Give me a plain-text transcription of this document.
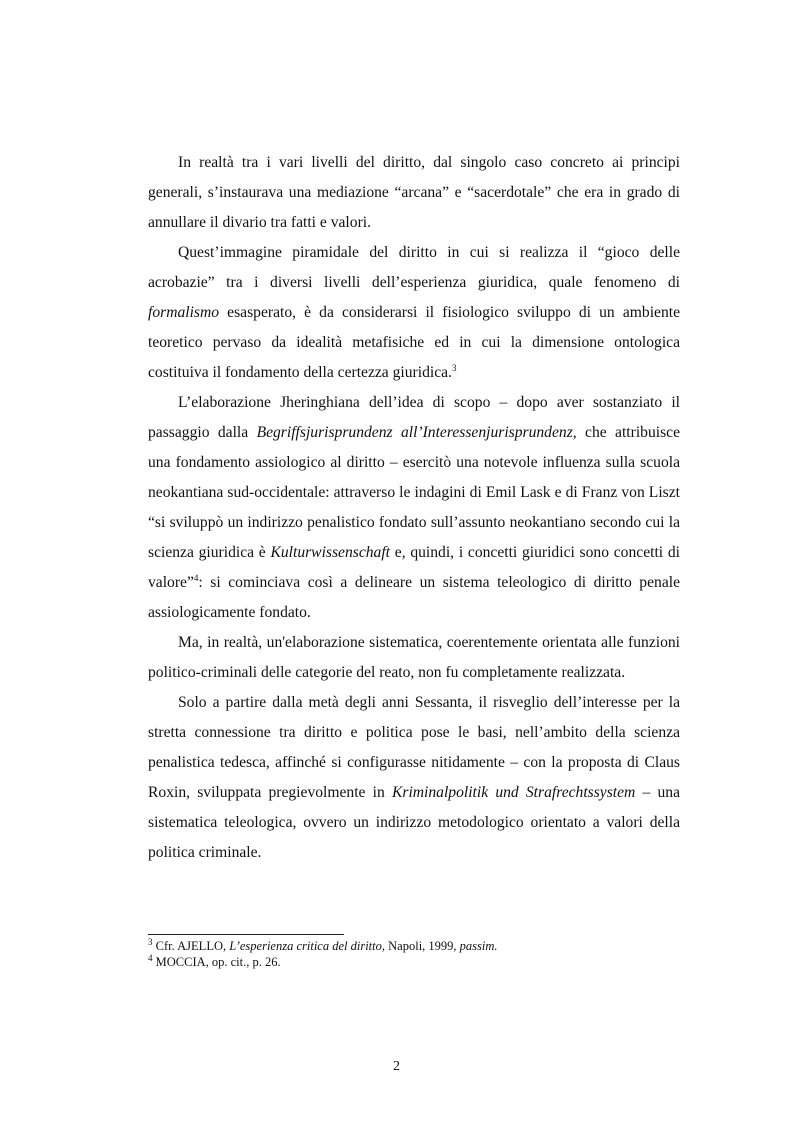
In realtà tra i vari livelli del diritto, dal singolo caso concreto ai principi generali, s’instaurava una mediazione “arcana” e “sacerdotale” che era in grado di annullare il divario tra fatti e valori.

Quest’immagine piramidale del diritto in cui si realizza il “gioco delle acrobazie” tra i diversi livelli dell’esperienza giuridica, quale fenomeno di formalismo esasperato, è da considerarsi il fisiologico sviluppo di un ambiente teoretico pervaso da idealità metafisiche ed in cui la dimensione ontologica costituiva il fondamento della certezza giuridica.$^3$

L’elaborazione Jheringhiana dell’idea di scopo – dopo aver sostanziato il passaggio dalla Begriffsjurisprundenz all’Interessenjurisprundenz, che attribuisce una fondamento assiologico al diritto – esercitò una notevole influenza sulla scuola neokantiana sud-occidentale: attraverso le indagini di Emil Lask e di Franz von Liszt “si sviluppò un indirizzo penalistico fondato sull’assunto neokantiano secondo cui la scienza giuridica è Kulturwissenschaft e, quindi, i concetti giuridici sono concetti di valore”$^4$: si cominciava così a delineare un sistema teleologico di diritto penale assiologicamente fondato.

Ma, in realtà, un'elaborazione sistematica, coerentemente orientata alle funzioni politico-criminali delle categorie del reato, non fu completamente realizzata.

Solo a partire dalla metà degli anni Sessanta, il risveglio dell’interesse per la stretta connessione tra diritto e politica pose le basi, nell’ambito della scienza penalistica tedesca, affinché si configurasse nitidamente – con la proposta di Claus Roxin, sviluppata pregievolmente in Kriminalpolitik und Strafrechtssystem – una sistematica teleologica, ovvero un indirizzo metodologico orientato a valori della politica criminale.

$^3$ Cfr. AJELLO, L’esperienza critica del diritto, Napoli, 1999, passim.

$^4$ MOCCIA, op. cit., p. 26.

2
